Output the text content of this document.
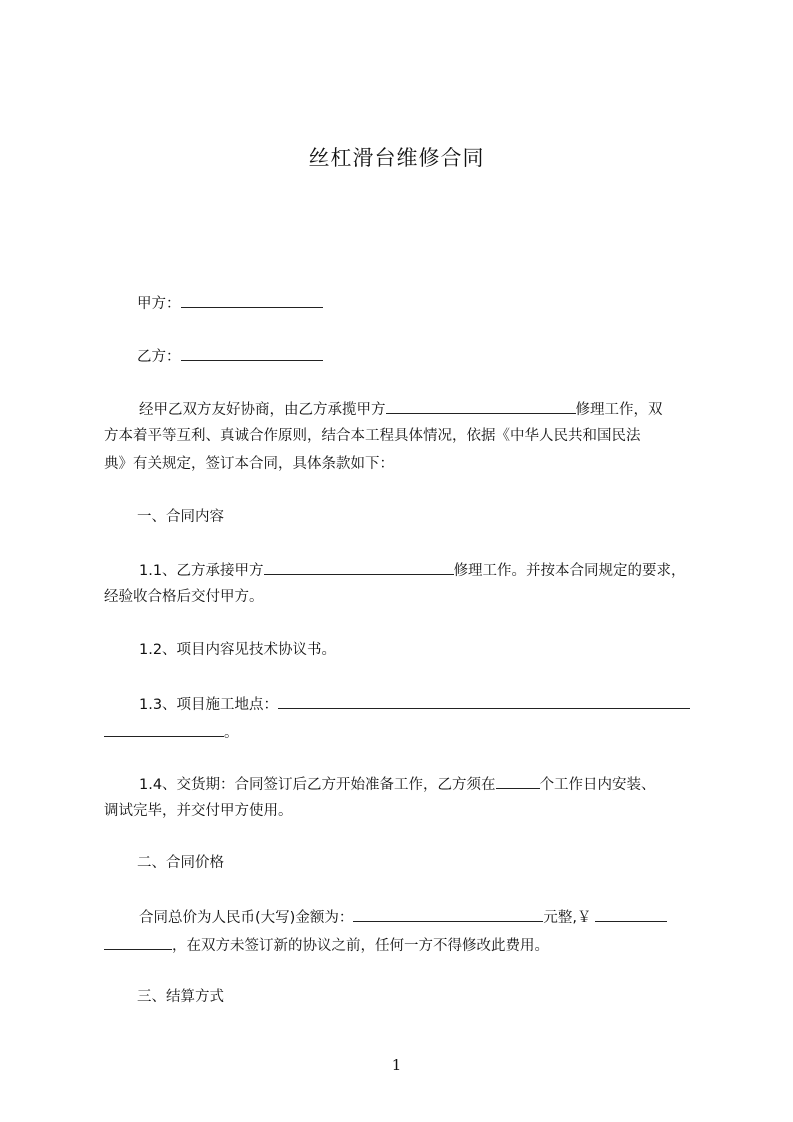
丝杠滑台维修合同
甲方：
乙方：
经甲乙双方友好协商，由乙方承揽甲方	修理工作，双
方本着平等互利、真诚合作原则，结合本工程具体情况，依据《中华人民共和国民法
典》有关规定，签订本合同，具体条款如下：
一、合同内容
1.1、乙方承接甲方	修理工作。并按本合同规定的要求，
经验收合格后交付甲方。
1.2、项目内容见技术协议书。
1.3、项目施工地点：
。
1.4、交货期：合同签订后乙方开始准备工作，乙方须在	个工作日内安装、
调试完毕，并交付甲方使用。
二、合同价格
合同总价为人民币(大写)金额为：	元整,￥
，在双方未签订新的协议之前，任何一方不得修改此费用。
三、结算方式
1
